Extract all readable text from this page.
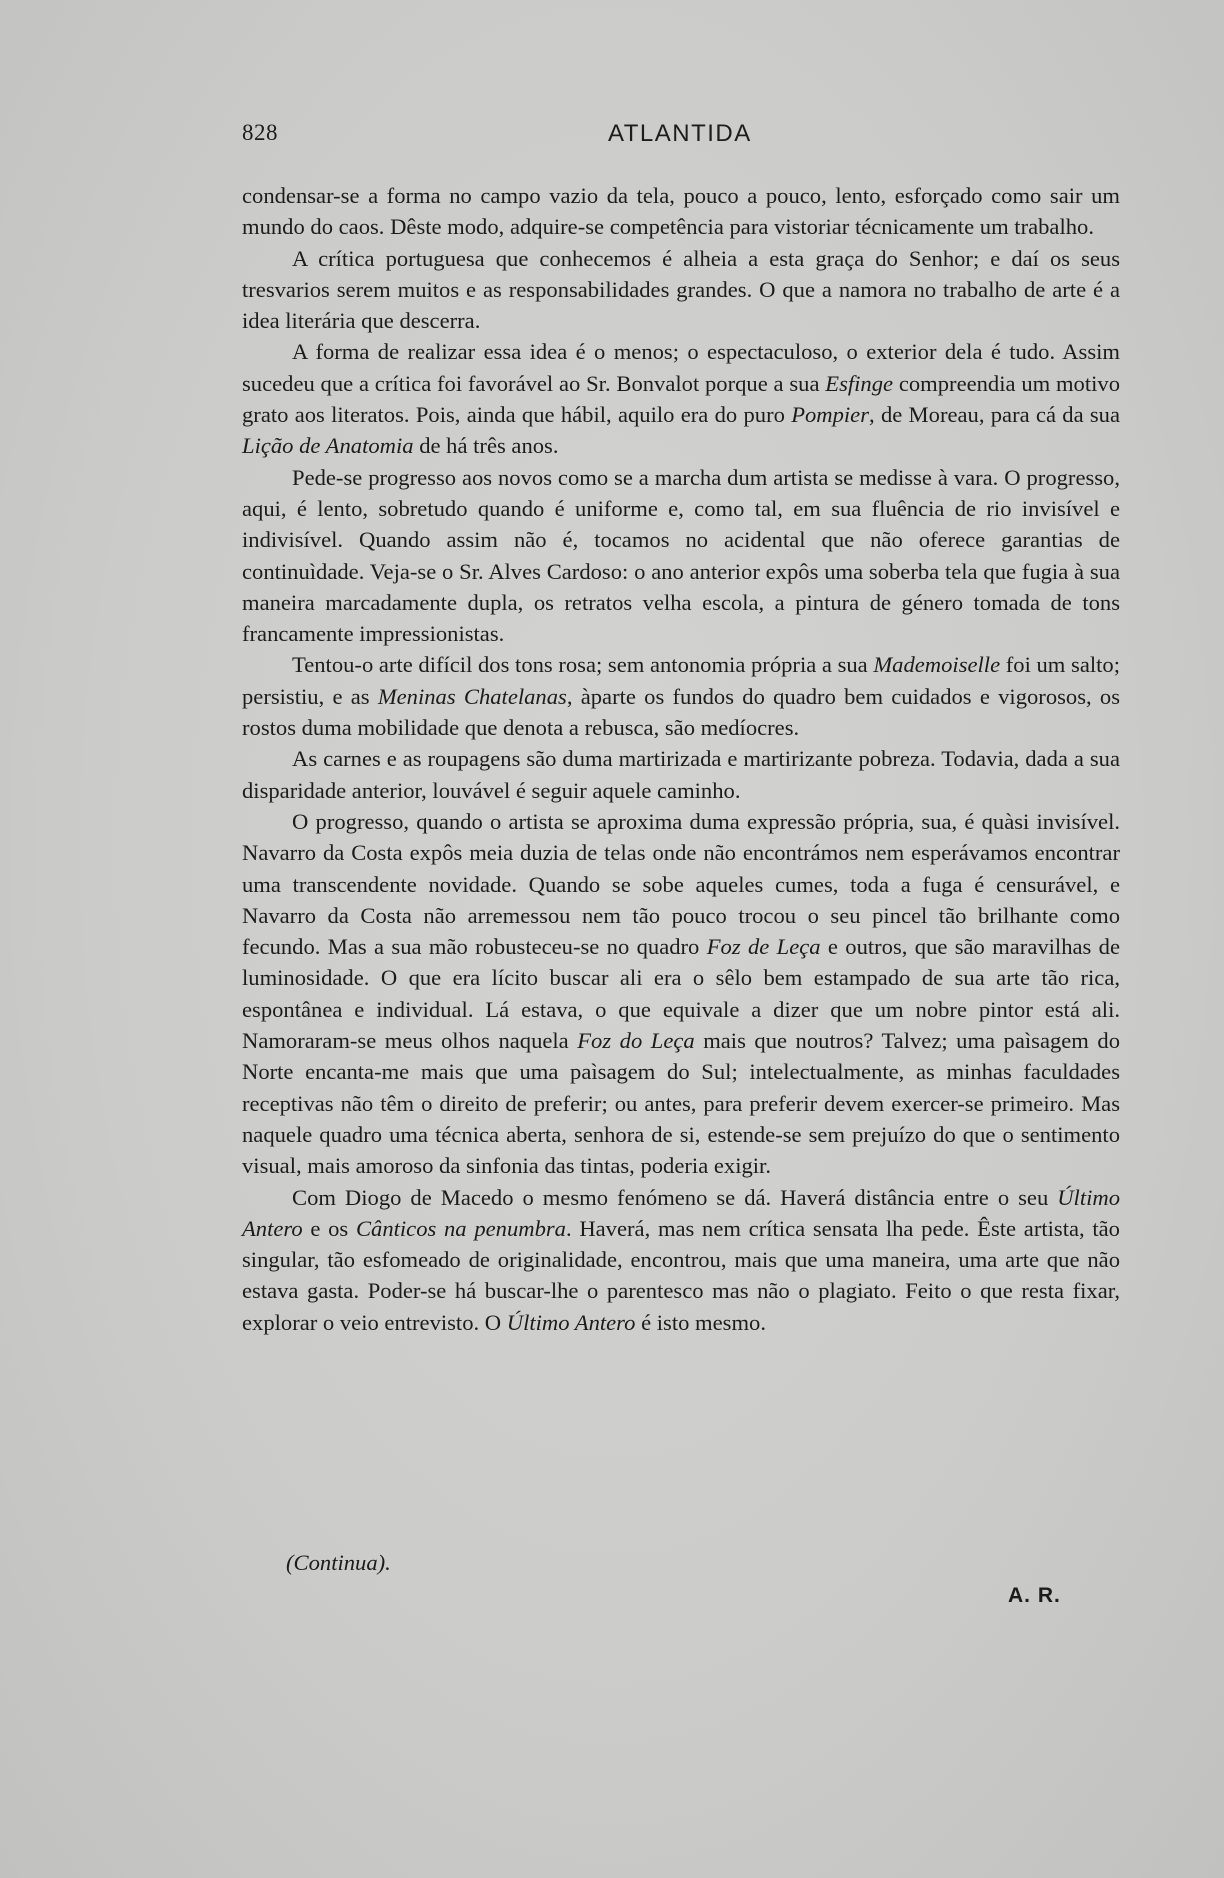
828	ATLANTIDA

condensar-se a forma no campo vazio da tela, pouco a pouco, lento, esforçado como sair um mundo do caos. Dêste modo, adquire-se competência para vistoriar técnicamente um trabalho.

A crítica portuguesa que conhecemos é alheia a esta graça do Senhor; e daí os seus tresvarios serem muitos e as responsabilidades grandes. O que a namora no trabalho de arte é a idea literária que descerra.

A forma de realizar essa idea é o menos; o espectaculoso, o exterior dela é tudo. Assim sucedeu que a crítica foi favorável ao Sr. Bonvalot porque a sua Esfinge compreendia um motivo grato aos literatos. Pois, ainda que hábil, aquilo era do puro Pompier, de Moreau, para cá da sua Lição de Anatomia de há três anos.

Pede-se progresso aos novos como se a marcha dum artista se medisse à vara. O progresso, aqui, é lento, sobretudo quando é uniforme e, como tal, em sua fluência de rio invisível e indivisível. Quando assim não é, tocamos no acidental que não oferece garantias de continuìdade. Veja-se o Sr. Alves Cardoso: o ano anterior expôs uma soberba tela que fugia à sua maneira marcadamente dupla, os retratos velha escola, a pintura de género tomada de tons francamente impressionistas.

Tentou-o arte difícil dos tons rosa; sem antonomia própria a sua Mademoiselle foi um salto; persistiu, e as Meninas Chatelanas, àparte os fundos do quadro bem cuidados e vigorosos, os rostos duma mobilidade que denota a rebusca, são medíocres.

As carnes e as roupagens são duma martirizada e martirizante pobreza. Todavia, dada a sua disparidade anterior, louvável é seguir aquele caminho.

O progresso, quando o artista se aproxima duma expressão própria, sua, é quàsi invisível. Navarro da Costa expôs meia duzia de telas onde não encontrámos nem esperávamos encontrar uma transcendente novidade. Quando se sobe aqueles cumes, toda a fuga é censurável, e Navarro da Costa não arremessou nem tão pouco trocou o seu pincel tão brilhante como fecundo. Mas a sua mão robusteceu-se no quadro Foz de Leça e outros, que são maravilhas de luminosidade. O que era lícito buscar ali era o sêlo bem estampado de sua arte tão rica, espontânea e individual. Lá estava, o que equivale a dizer que um nobre pintor está ali. Namoraram-se meus olhos naquela Foz do Leça mais que noutros? Talvez; uma paìsagem do Norte encanta-me mais que uma paìsagem do Sul; intelectualmente, as minhas faculdades receptivas não têm o direito de preferir; ou antes, para preferir devem exercer-se primeiro. Mas naquele quadro uma técnica aberta, senhora de si, estende-se sem prejuízo do que o sentimento visual, mais amoroso da sinfonia das tintas, poderia exigir.

Com Diogo de Macedo o mesmo fenómeno se dá. Haverá distância entre o seu Último Antero e os Cânticos na penumbra. Haverá, mas nem crítica sensata lha pede. Êste artista, tão singular, tão esfomeado de originalidade, encontrou, mais que uma maneira, uma arte que não estava gasta. Poder-se há buscar-lhe o parentesco mas não o plagiato. Feito o que resta fixar, explorar o veio entrevisto. O Último Antero é isto mesmo.

(Continua).
A. R.
